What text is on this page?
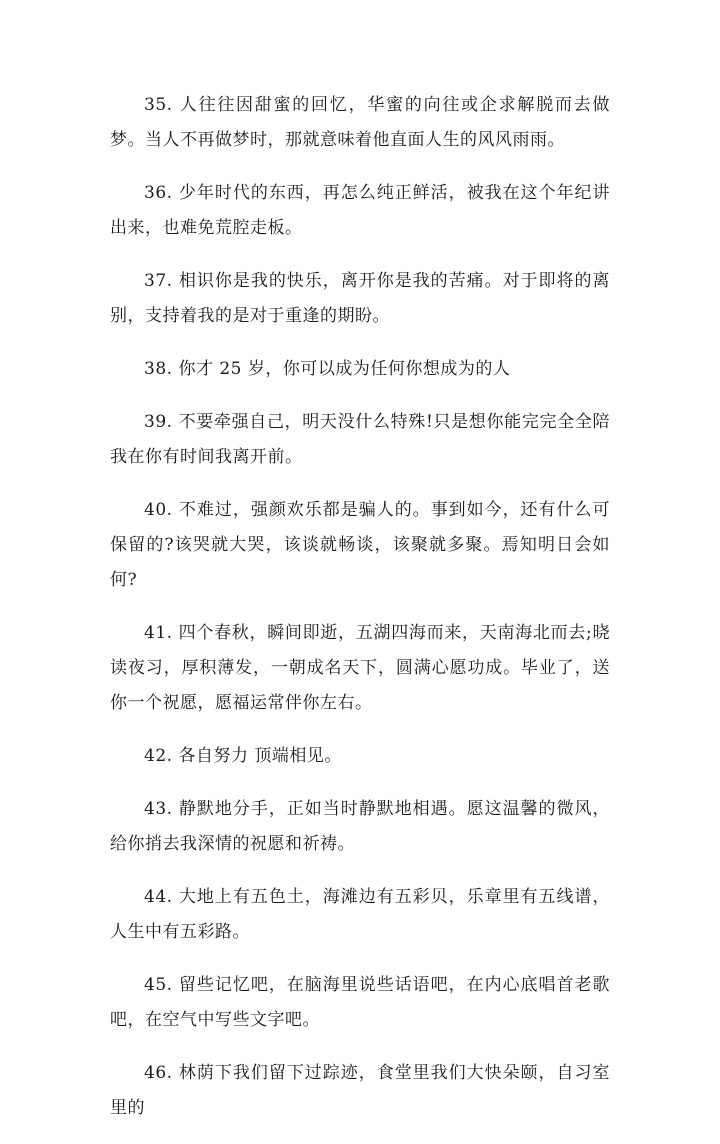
35. 人往往因甜蜜的回忆，华蜜的向往或企求解脱而去做梦。当人不再做梦时，那就意味着他直面人生的风风雨雨。

36. 少年时代的东西，再怎么纯正鲜活，被我在这个年纪讲出来，也难免荒腔走板。

37. 相识你是我的快乐，离开你是我的苦痛。对于即将的离别，支持着我的是对于重逢的期盼。

38. 你才 25 岁，你可以成为任何你想成为的人

39. 不要牵强自己，明天没什么特殊!只是想你能完完全全陪我在你有时间我离开前。

40. 不难过，强颜欢乐都是骗人的。事到如今，还有什么可保留的?该哭就大哭，该谈就畅谈，该聚就多聚。焉知明日会如何?

41. 四个春秋，瞬间即逝，五湖四海而来，天南海北而去;晓读夜习，厚积薄发，一朝成名天下，圆满心愿功成。毕业了，送你一个祝愿，愿福运常伴你左右。

42. 各自努力 顶端相见。

43. 静默地分手，正如当时静默地相遇。愿这温馨的微风，给你捎去我深情的祝愿和祈祷。

44. 大地上有五色土，海滩边有五彩贝，乐章里有五线谱，人生中有五彩路。

45. 留些记忆吧，在脑海里说些话语吧，在内心底唱首老歌吧，在空气中写些文字吧。

46. 林荫下我们留下过踪迹，食堂里我们大快朵颐，自习室里的
